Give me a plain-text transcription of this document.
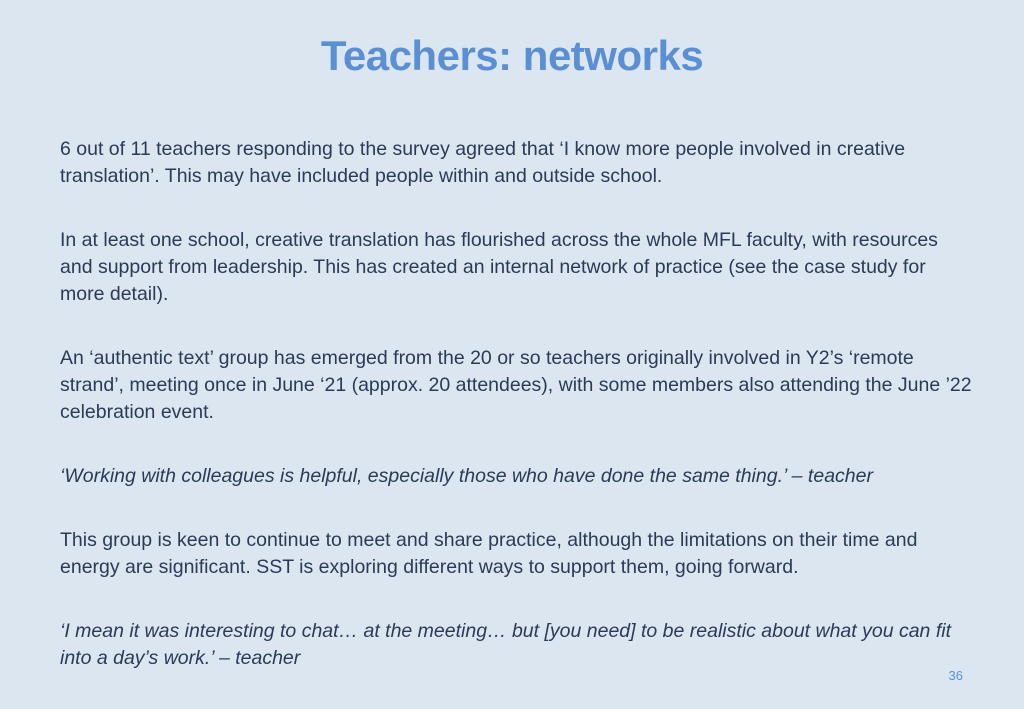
Teachers: networks

6 out of 11 teachers responding to the survey agreed that ‘I know more people involved in creative translation’. This may have included people within and outside school.

In at least one school, creative translation has flourished across the whole MFL faculty, with resources and support from leadership. This has created an internal network of practice (see the case study for more detail).

An ‘authentic text’ group has emerged from the 20 or so teachers originally involved in Y2’s ‘remote strand’, meeting once in June ‘21 (approx. 20 attendees), with some members also attending the June ’22 celebration event.

‘Working with colleagues is helpful, especially those who have done the same thing.’ – teacher

This group is keen to continue to meet and share practice, although the limitations on their time and energy are significant. SST is exploring different ways to support them, going forward.

‘I mean it was interesting to chat… at the meeting… but [you need] to be realistic about what you can fit into a day’s work.’ – teacher

36
